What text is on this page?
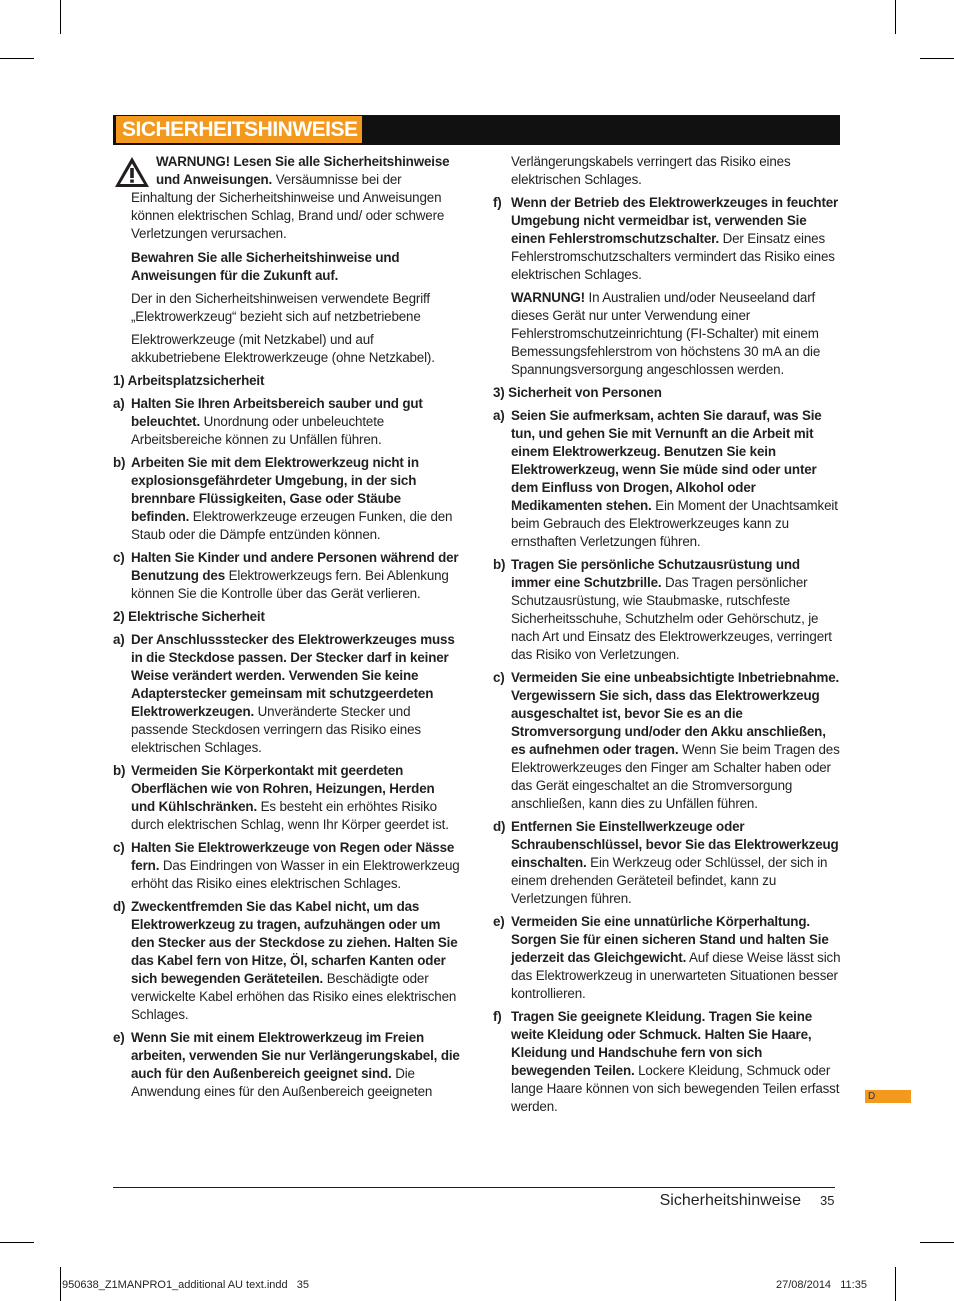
SICHERHEITSHINWEISE

WARNUNG! Lesen Sie alle Sicherheitshinweise und Anweisungen. Versäumnisse bei der Einhaltung der Sicherheitshinweise und Anweisungen können elektrischen Schlag, Brand und/ oder schwere Verletzungen verursachen.

Bewahren Sie alle Sicherheitshinweise und Anweisungen für die Zukunft auf.

Der in den Sicherheitshinweisen verwendete Begriff „Elektrowerkzeug“ bezieht sich auf netzbetriebene

Elektrowerkzeuge (mit Netzkabel) und auf akkubetriebene Elektrowerkzeuge (ohne Netzkabel).

1) Arbeitsplatzsicherheit

a) Halten Sie Ihren Arbeitsbereich sauber und gut beleuchtet. Unordnung oder unbeleuchtete Arbeitsbereiche können zu Unfällen führen.

b) Arbeiten Sie mit dem Elektrowerkzeug nicht in explosionsgefährdeter Umgebung, in der sich brennbare Flüssigkeiten, Gase oder Stäube befinden. Elektrowerkzeuge erzeugen Funken, die den Staub oder die Dämpfe entzünden können.

c) Halten Sie Kinder und andere Personen während der Benutzung des Elektrowerkzeugs fern. Bei Ablenkung können Sie die Kontrolle über das Gerät verlieren.

2) Elektrische Sicherheit

a) Der Anschlussstecker des Elektrowerkzeuges muss in die Steckdose passen. Der Stecker darf in keiner Weise verändert werden. Verwenden Sie keine Adapterstecker gemeinsam mit schutzgeerdeten Elektrowerkzeugen. Unveränderte Stecker und passende Steckdosen verringern das Risiko eines elektrischen Schlages.

b) Vermeiden Sie Körperkontakt mit geerdeten Oberflächen wie von Rohren, Heizungen, Herden und Kühlschränken. Es besteht ein erhöhtes Risiko durch elektrischen Schlag, wenn Ihr Körper geerdet ist.

c) Halten Sie Elektrowerkzeuge von Regen oder Nässe fern. Das Eindringen von Wasser in ein Elektrowerkzeug erhöht das Risiko eines elektrischen Schlages.

d) Zweckentfremden Sie das Kabel nicht, um das Elektrowerkzeug zu tragen, aufzuhängen oder um den Stecker aus der Steckdose zu ziehen. Halten Sie das Kabel fern von Hitze, Öl, scharfen Kanten oder sich bewegenden Geräteteilen. Beschädigte oder verwickelte Kabel erhöhen das Risiko eines elektrischen Schlages.

e) Wenn Sie mit einem Elektrowerkzeug im Freien arbeiten, verwenden Sie nur Verlängerungskabel, die auch für den Außenbereich geeignet sind. Die Anwendung eines für den Außenbereich geeigneten

Verlängerungskabels verringert das Risiko eines elektrischen Schlages.

f) Wenn der Betrieb des Elektrowerkzeuges in feuchter Umgebung nicht vermeidbar ist, verwenden Sie einen Fehlerstromschutzschalter. Der Einsatz eines Fehlerstromschutzschalters vermindert das Risiko eines elektrischen Schlages.

WARNUNG! In Australien und/oder Neuseeland darf dieses Gerät nur unter Verwendung einer Fehlerstromschutzeinrichtung (FI-Schalter) mit einem Bemessungsfehlerstrom von höchstens 30 mA an die Spannungsversorgung angeschlossen werden.

3) Sicherheit von Personen

a) Seien Sie aufmerksam, achten Sie darauf, was Sie tun, und gehen Sie mit Vernunft an die Arbeit mit einem Elektrowerkzeug. Benutzen Sie kein Elektrowerkzeug, wenn Sie müde sind oder unter dem Einfluss von Drogen, Alkohol oder Medikamenten stehen. Ein Moment der Unachtsamkeit beim Gebrauch des Elektrowerkzeuges kann zu ernsthaften Verletzungen führen.

b) Tragen Sie persönliche Schutzausrüstung und immer eine Schutzbrille. Das Tragen persönlicher Schutzausrüstung, wie Staubmaske, rutschfeste Sicherheitsschuhe, Schutzhelm oder Gehörschutz, je nach Art und Einsatz des Elektrowerkzeuges, verringert das Risiko von Verletzungen.

c) Vermeiden Sie eine unbeabsichtigte Inbetriebnahme. Vergewissern Sie sich, dass das Elektrowerkzeug ausgeschaltet ist, bevor Sie es an die Stromversorgung und/oder den Akku anschließen, es aufnehmen oder tragen. Wenn Sie beim Tragen des Elektrowerkzeuges den Finger am Schalter haben oder das Gerät eingeschaltet an die Stromversorgung anschließen, kann dies zu Unfällen führen.

d) Entfernen Sie Einstellwerkzeuge oder Schraubenschlüssel, bevor Sie das Elektrowerkzeug einschalten. Ein Werkzeug oder Schlüssel, der sich in einem drehenden Geräteteil befindet, kann zu Verletzungen führen.

e) Vermeiden Sie eine unnatürliche Körperhaltung. Sorgen Sie für einen sicheren Stand und halten Sie jederzeit das Gleichgewicht. Auf diese Weise lässt sich das Elektrowerkzeug in unerwarteten Situationen besser kontrollieren.

f) Tragen Sie geeignete Kleidung. Tragen Sie keine weite Kleidung oder Schmuck. Halten Sie Haare, Kleidung und Handschuhe fern von sich bewegenden Teilen. Lockere Kleidung, Schmuck oder lange Haare können von sich bewegenden Teilen erfasst werden.

D
Sicherheitshinweise 35
950638_Z1MANPRO1_additional AU text.indd   35	27/08/2014   11:35
